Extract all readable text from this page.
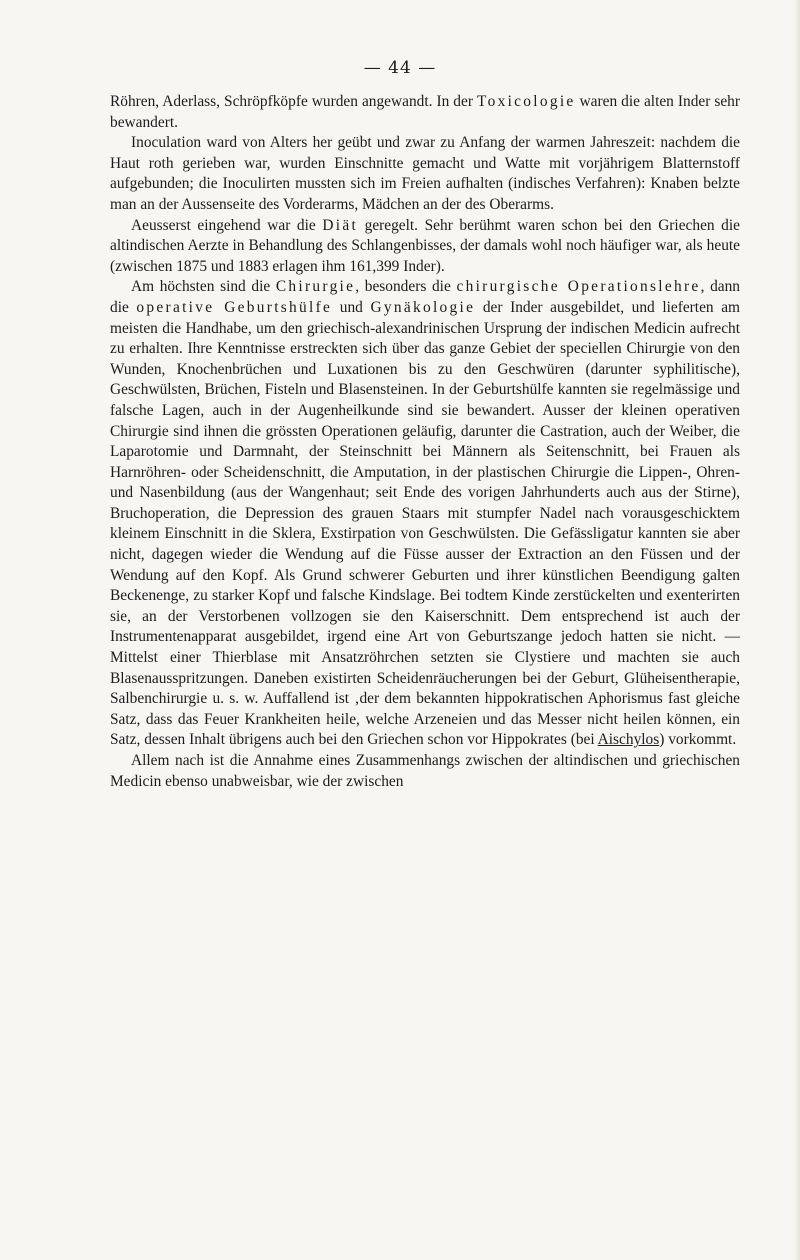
— 44 —

Röhren, Aderlass, Schröpfköpfe wurden angewandt. In der Toxicologie waren die alten Inder sehr bewandert.

Inoculation ward von Alters her geübt und zwar zu Anfang der warmen Jahreszeit: nachdem die Haut roth gerieben war, wurden Einschnitte gemacht und Watte mit vorjährigem Blatternstoff aufgebunden; die Inoculirten mussten sich im Freien aufhalten (indisches Verfahren): Knaben belzte man an der Aussenseite des Vorderarms, Mädchen an der des Oberarms.

Aeusserst eingehend war die Diät geregelt. Sehr berühmt waren schon bei den Griechen die altindischen Aerzte in Behandlung des Schlangenbisses, der damals wohl noch häufiger war, als heute (zwischen 1875 und 1883 erlagen ihm 161,399 Inder).

Am höchsten sind die Chirurgie, besonders die chirurgische Operationslehre, dann die operative Geburtshülfe und Gynäkologie der Inder ausgebildet, und lieferten am meisten die Handhabe, um den griechisch-alexandrinischen Ursprung der indischen Medicin aufrecht zu erhalten. Ihre Kenntnisse erstreckten sich über das ganze Gebiet der speciellen Chirurgie von den Wunden, Knochenbrüchen und Luxationen bis zu den Geschwüren (darunter syphilitische), Geschwülsten, Brüchen, Fisteln und Blasensteinen. In der Geburtshülfe kannten sie regelmässige und falsche Lagen, auch in der Augenheilkunde sind sie bewandert. Ausser der kleinen operativen Chirurgie sind ihnen die grössten Operationen geläufig, darunter die Castration, auch der Weiber, die Laparotomie und Darmnaht, der Steinschnitt bei Männern als Seitenschnitt, bei Frauen als Harnröhren- oder Scheidenschnitt, die Amputation, in der plastischen Chirurgie die Lippen-, Ohren- und Nasenbildung (aus der Wangenhaut; seit Ende des vorigen Jahrhunderts auch aus der Stirne), Bruchoperation, die Depression des grauen Staars mit stumpfer Nadel nach vorausgeschicktem kleinem Einschnitt in die Sklera, Exstirpation von Geschwülsten. Die Gefässligatur kannten sie aber nicht, dagegen wieder die Wendung auf die Füsse ausser der Extraction an den Füssen und der Wendung auf den Kopf. Als Grund schwerer Geburten und ihrer künstlichen Beendigung galten Beckenenge, zu starker Kopf und falsche Kindslage. Bei todtem Kinde zerstückelten und exenterirten sie, an der Verstorbenen vollzogen sie den Kaiserschnitt. Dem entsprechend ist auch der Instrumentenapparat ausgebildet, irgend eine Art von Geburtszange jedoch hatten sie nicht. — Mittelst einer Thierblase mit Ansatzröhrchen setzten sie Clystiere und machten sie auch Blasenausspritzungen. Daneben existirten Scheidenräucherungen bei der Geburt, Glüheisentherapie, Salbenchirurgie u. s. w. Auffallend ist ‚der dem bekannten hippokratischen Aphorismus fast gleiche Satz, dass das Feuer Krankheiten heile, welche Arzeneien und das Messer nicht heilen können, ein Satz, dessen Inhalt übrigens auch bei den Griechen schon vor Hippokrates (bei Aischylos) vorkommt.

Allem nach ist die Annahme eines Zusammenhangs zwischen der altindischen und griechischen Medicin ebenso unabweisbar, wie der zwischen
